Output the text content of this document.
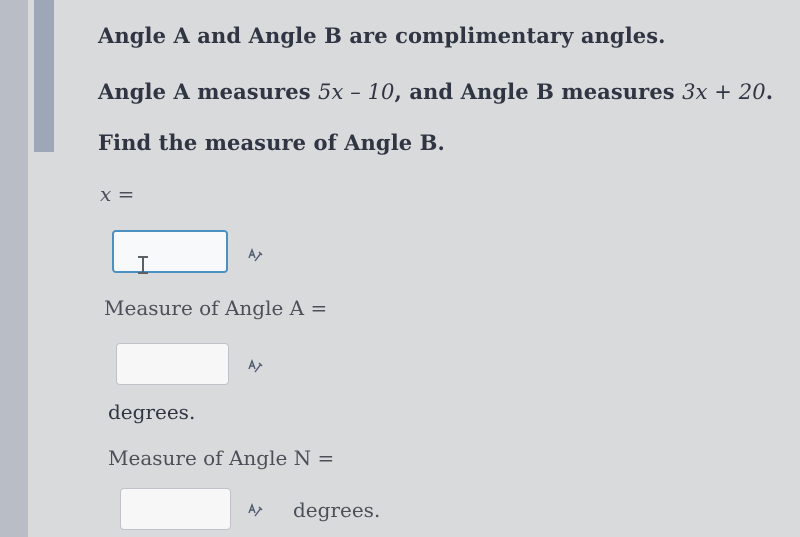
Angle A and Angle B are complimentary angles.
Angle A measures 5x – 10, and Angle B measures 3x + 20.
Find the measure of Angle B.
x =
Measure of Angle A =
degrees.
Measure of Angle N =
degrees.
